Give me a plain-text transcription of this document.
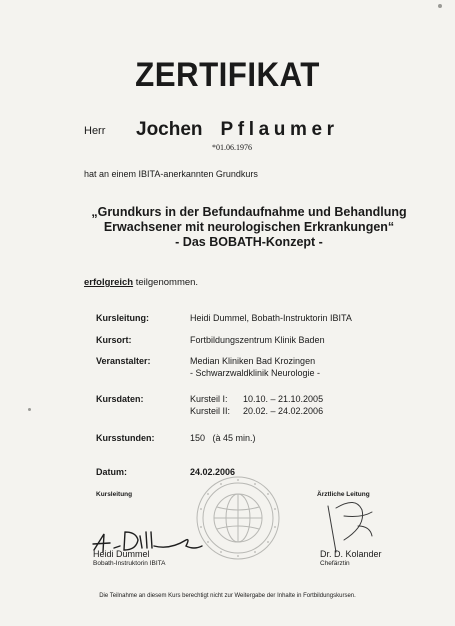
ZERTIFIKAT
Herr Jochen Pflaumer
*01.06.1976
hat an einem IBITA-anerkannten Grundkurs
„Grundkurs in der Befundaufnahme und Behandlung
Erwachsener mit neurologischen Erkrankungen“
- Das BOBATH-Konzept -
erfolgreich teilgenommen.
Kursleitung:	Heidi Dummel, Bobath-Instruktorin IBITA
Kursort:	Fortbildungszentrum Klinik Baden
Veranstalter:	Median Kliniken Bad Krozingen
- Schwarzwaldklinik Neurologie -
Kursdaten:	Kursteil I: 10.10. – 21.10.2005
Kursteil II: 20.02. – 24.02.2006
Kursstunden:	150   (à 45 min.)
Datum:	24.02.2006
Kursleitung	Ärztliche Leitung
Heidi Dummel
Bobath-Instruktorin IBITA
Dr. D. Kolander
Chefärztin
Die Teilnahme an diesem Kurs berechtigt nicht zur Weitergabe der Inhalte in Fortbildungskursen.
